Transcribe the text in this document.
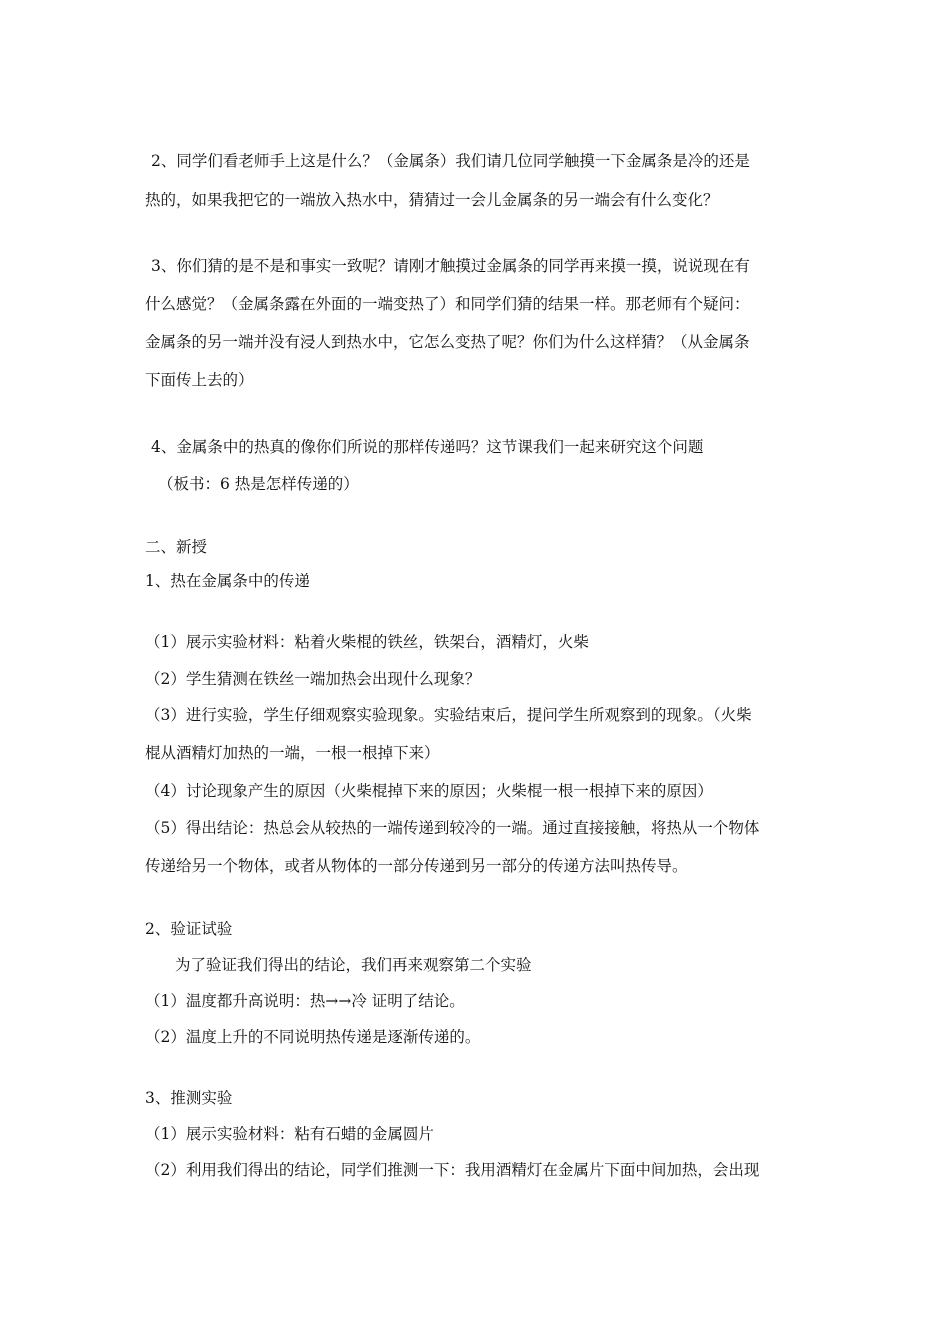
2、同学们看老师手上这是什么？（金属条）我们请几位同学触摸一下金属条是冷的还是

热的，如果我把它的一端放入热水中，猜猜过一会儿金属条的另一端会有什么变化？

3、你们猜的是不是和事实一致呢？请刚才触摸过金属条的同学再来摸一摸，说说现在有

什么感觉？（金属条露在外面的一端变热了）和同学们猜的结果一样。那老师有个疑问：

金属条的另一端并没有浸人到热水中，它怎么变热了呢？你们为什么这样猜？（从金属条

下面传上去的）

4、金属条中的热真的像你们所说的那样传递吗？这节课我们一起来研究这个问题

（板书：6 热是怎样传递的）

二、新授

1、热在金属条中的传递

（1）展示实验材料：粘着火柴棍的铁丝，铁架台，酒精灯，火柴

（2）学生猜测在铁丝一端加热会出现什么现象？

（3）进行实验，学生仔细观察实验现象。实验结束后，提问学生所观察到的现象。（火柴

棍从酒精灯加热的一端，一根一根掉下来）

（4）讨论现象产生的原因（火柴棍掉下来的原因；火柴棍一根一根掉下来的原因）

（5）得出结论：热总会从较热的一端传递到较冷的一端。通过直接接触，将热从一个物体

传递给另一个物体，或者从物体的一部分传递到另一部分的传递方法叫热传导。

2、验证试验

为了验证我们得出的结论，我们再来观察第二个实验

（1）温度都升高说明：热→→冷 证明了结论。

（2）温度上升的不同说明热传递是逐渐传递的。

3、推测实验

（1）展示实验材料：粘有石蜡的金属圆片

（2）利用我们得出的结论，同学们推测一下：我用酒精灯在金属片下面中间加热，会出现
